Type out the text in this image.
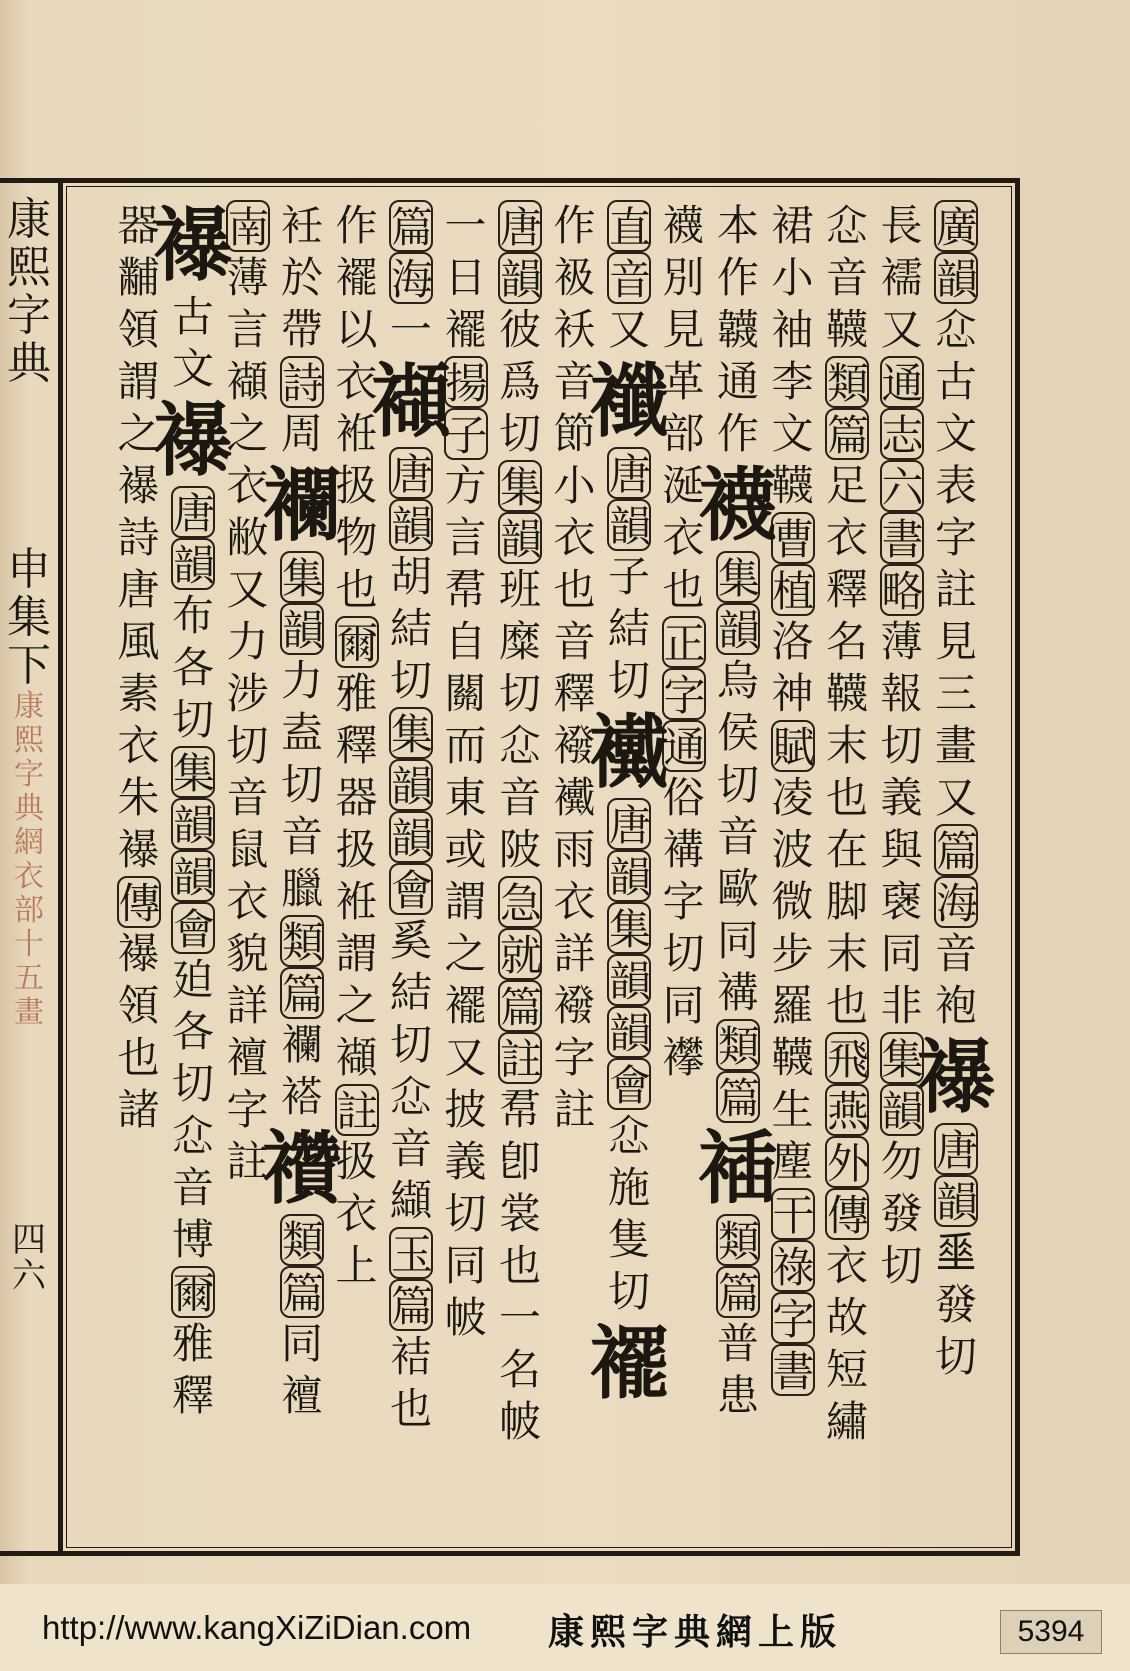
康
熙
字
典
申
集
下
康
熙
字
典
網
衣
部
十
五
畫
四
六
廣
韻
𢗊
古
文
表
字
註
見
三
畫
又
篇
海
音
袍
襮
唐
韻
𡍮
發
切
長
襦
又
通
志
六
書
略
薄
報
切
義
與
襃
同
非
集
韻
勿
發
切
𢗊
音
韈
類
篇
足
衣
釋
名
韈
末
也
在
脚
末
也
飛
燕
外
傳
衣
故
短
繡
裙
小
袖
李
文
韈
曹
植
洛
神
賦
凌
波
微
步
羅
韈
生
塵
干
祿
字
書
本
作
韤
通
作
襪
集
韻
烏
侯
切
音
歐
同
褠
類
篇
䙄
類
篇
普
患
襪
別
見
革
部
涎
衣
也
正
字
通
俗
褠
字
切
同
襻
直
音
又
襳
唐
韻
子
結
切
襶
唐
韻
集
韻
韻
會
𢗊
施
隻
切
襬
作
衱
袄
音
節
小
衣
也
音
釋
襏
襶
雨
衣
詳
襏
字
註
唐
韻
彼
爲
切
集
韻
班
糜
切
𢗊
音
陂
急
就
篇
註
帬
卽
裳
也
一
名
帔
一
日
襬
揚
子
方
言
帬
自
關
而
東
或
謂
之
襬
又
披
義
切
同
帔
篇
海
一
襭
唐
韻
胡
結
切
集
韻
韻
會
奚
結
切
𢗊
音
纈
玉
篇
袺
也
作
襬
以
衣
袵
扱
物
也
爾
雅
釋
器
扱
袵
謂
之
襭
註
扱
衣
上
衽
於
帶
詩
周
襴
集
韻
力
盍
切
音
臘
類
篇
襴
褡
襸
類
篇
同
襢
南
薄
言
襭
之
衣
敝
又
力
涉
切
音
鼠
衣
貌
詳
襢
字
註
襮
古
文
襮
唐
韻
布
各
切
集
韻
韻
會
廹
各
切
𢗊
音
博
爾
雅
釋
器
黼
領
謂
之
襮
詩
唐
風
素
衣
朱
襮
傳
襮
領
也
諸
http://www.kangXiZiDian.com 康熙字典網上版	5394
